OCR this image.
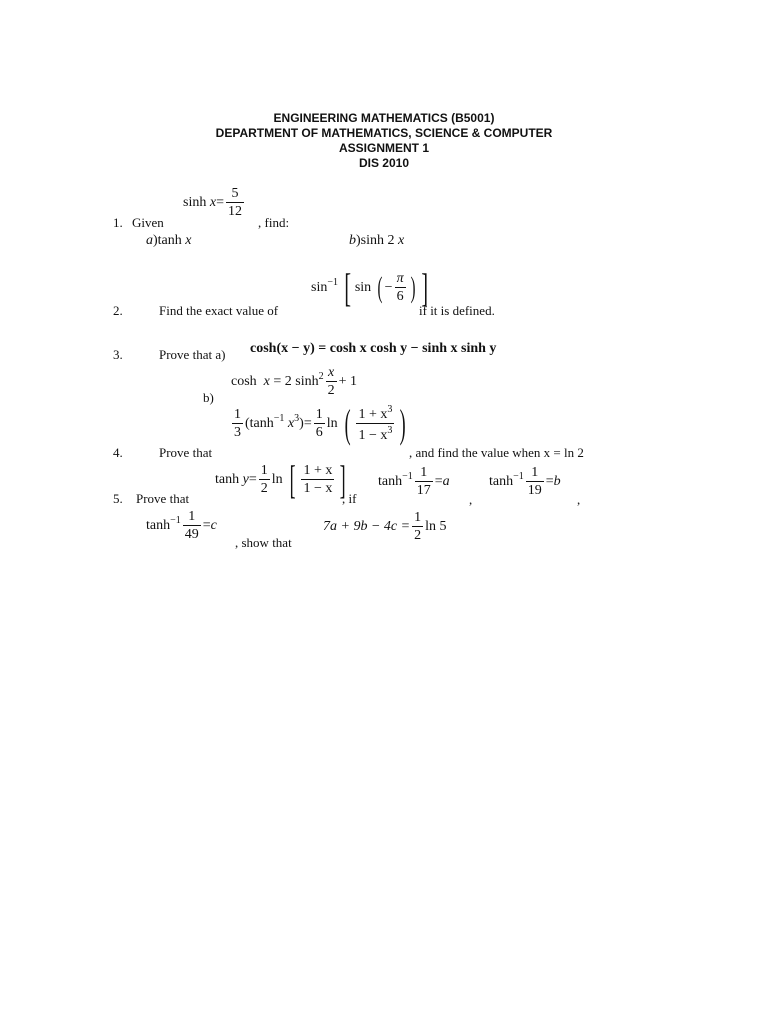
ENGINEERING MATHEMATICS (B5001)
DEPARTMENT OF MATHEMATICS, SCIENCE & COMPUTER
ASSIGNMENT 1
DIS 2010
1. Given
$\sinh x= \frac{5}{12}$
, find:
a)tanh x	b)sinh 2 x
2.	Find the exact value of
$\sin^{-1}$ [ sin ( − $\frac{\pi}{6}$ ) ]
if it is defined.
3.	Prove that a) cosh(x − y) = cosh x cosh y − sinh x sinh y
cosh x = 2 $\sinh^2 \frac{x}{2} + 1$
b)
4.	Prove that
$\frac{1}{3} (\tanh^{-1}$ $x^3)= \frac{1}{6}$ ln ( $\frac{1 + x^3}{1 - x^3}$ )
, and find the value when x = ln 2
5. Prove that
$\tanh y= \frac{1}{2}$ ln [ $\frac{1 + x}{1 - x}$ ]
, if
$\tanh^{-1} \frac{1}{17} =a$
,
$\tanh^{-1} \frac{1}{19} =b$
,
$\tanh^{-1} \frac{1}{49} =c$
, show that
$7a + 9b - 4c = \frac{1}{2}$ ln 5
